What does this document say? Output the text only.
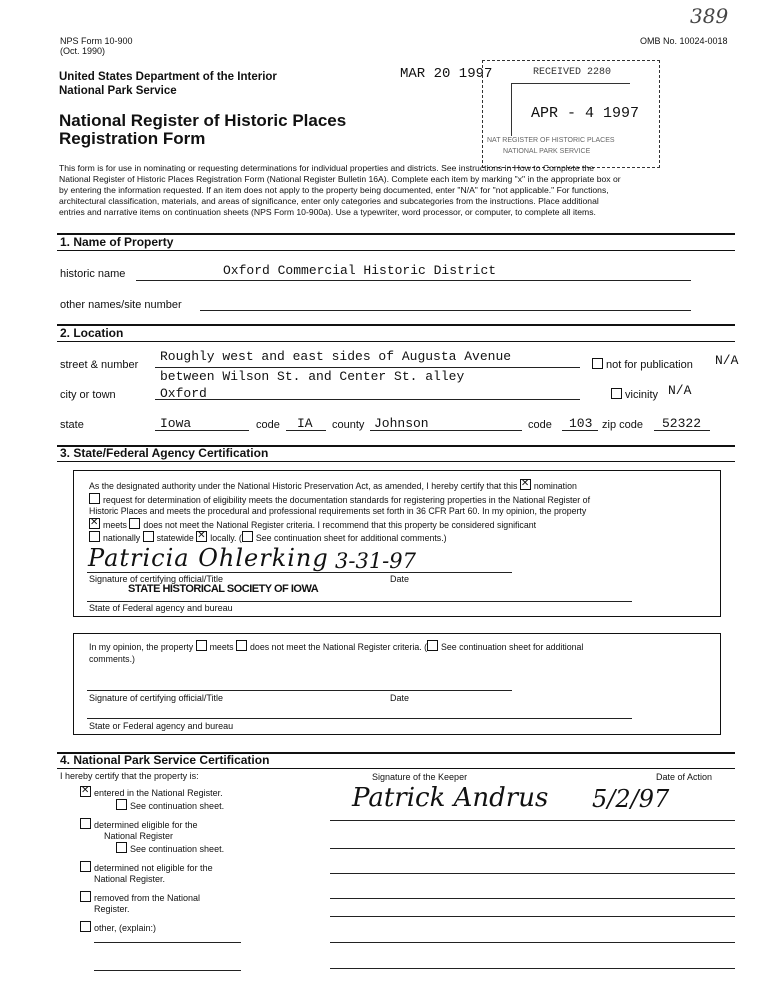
389
NPS Form 10-900
(Oct. 1990)
OMB No. 10024-0018
United States Department of the Interior
National Park Service
National Register of Historic Places
Registration Form
MAR 20 1997	RECEIVED 2280
APR - 4 1997
NAT REGISTER OF HISTORIC PLACES
NATIONAL PARK SERVICE
This form is for use in nominating or requesting determinations for individual properties and districts. See instructions in How to Complete the
National Register of Historic Places Registration Form (National Register Bulletin 16A). Complete each item by marking "x" in the appropriate box or
by entering the information requested. If an item does not apply to the property being documented, enter "N/A" for "not applicable." For functions,
architectural classification, materials, and areas of significance, enter only categories and subcategories from the instructions. Place additional
entries and narrative items on continuation sheets (NPS Form 10-900a). Use a typewriter, word processor, or computer, to complete all items.
1. Name of Property
historic name	Oxford Commercial Historic District
other names/site number
2. Location
street & number
Roughly west and east sides of Augusta Avenue
between Wilson St. and Center St. alley
not for publication N/A
city or town	Oxford	vicinity N/A
state	Iowa	code IA county Johnson	code 103 zip code 52322
3. State/Federal Agency Certification
As the designated authority under the National Historic Preservation Act, as amended, I hereby certify that this ✕ nomination
request for determination of eligibility meets the documentation standards for registering properties in the National Register of
Historic Places and meets the procedural and professional requirements set forth in 36 CFR Part 60. In my opinion, the property
✕meets does not meet the National Register criteria. I recommend that this property be considered significant
nationally statewide ✕ locally. ( See continuation sheet for additional comments.)
Patricia Ohlerking 3-31-97
Signature of certifying official/Title	Date
STATE HISTORICAL SOCIETY OF IOWA
State of Federal agency and bureau
In my opinion, the property meets does not meet the National Register criteria. ( See continuation sheet for additional
comments.)
Signature of certifying official/Title	Date
State or Federal agency and bureau
4. National Park Service Certification
I hereby certify that the property is:	Signature of the Keeper	Date of Action
✕entered in the National Register.
See continuation sheet.
determined eligible for the
National Register
See continuation sheet.
determined not eligible for the
National Register.
removed from the National
Register.
other, (explain:)
Patrick Andrus 5/2/97
